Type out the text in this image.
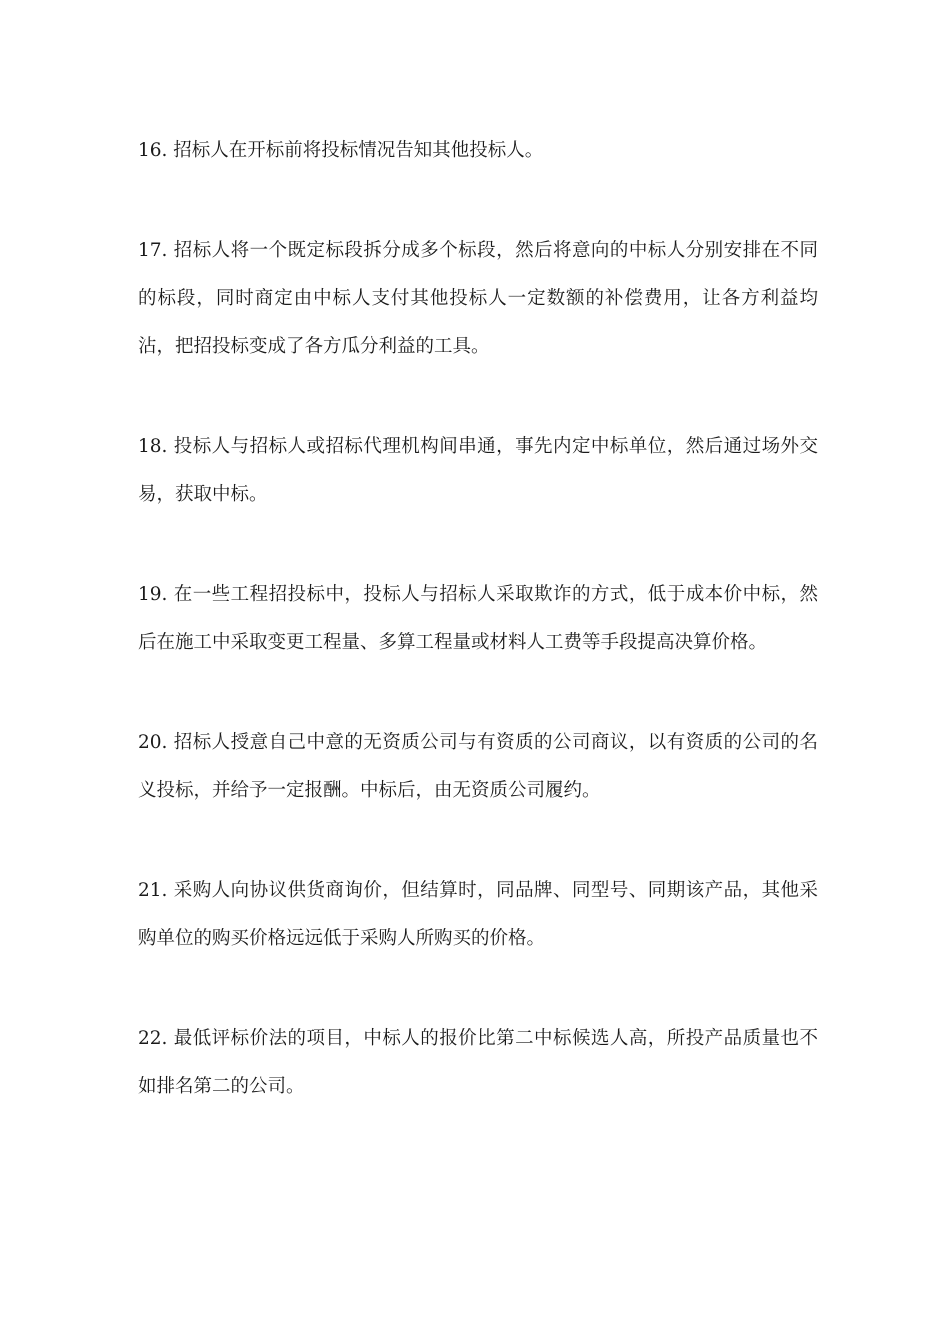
16. 招标人在开标前将投标情况告知其他投标人。

17. 招标人将一个既定标段拆分成多个标段，然后将意向的中标人分别安排在不同的标段，同时商定由中标人支付其他投标人一定数额的补偿费用，让各方利益均沾，把招投标变成了各方瓜分利益的工具。

18. 投标人与招标人或招标代理机构间串通，事先内定中标单位，然后通过场外交易，获取中标。

19. 在一些工程招投标中，投标人与招标人采取欺诈的方式，低于成本价中标，然后在施工中采取变更工程量、多算工程量或材料人工费等手段提高决算价格。

20. 招标人授意自己中意的无资质公司与有资质的公司商议，以有资质的公司的名义投标，并给予一定报酬。中标后，由无资质公司履约。

21. 采购人向协议供货商询价，但结算时，同品牌、同型号、同期该产品，其他采购单位的购买价格远远低于采购人所购买的价格。

22. 最低评标价法的项目，中标人的报价比第二中标候选人高，所投产品质量也不如排名第二的公司。
